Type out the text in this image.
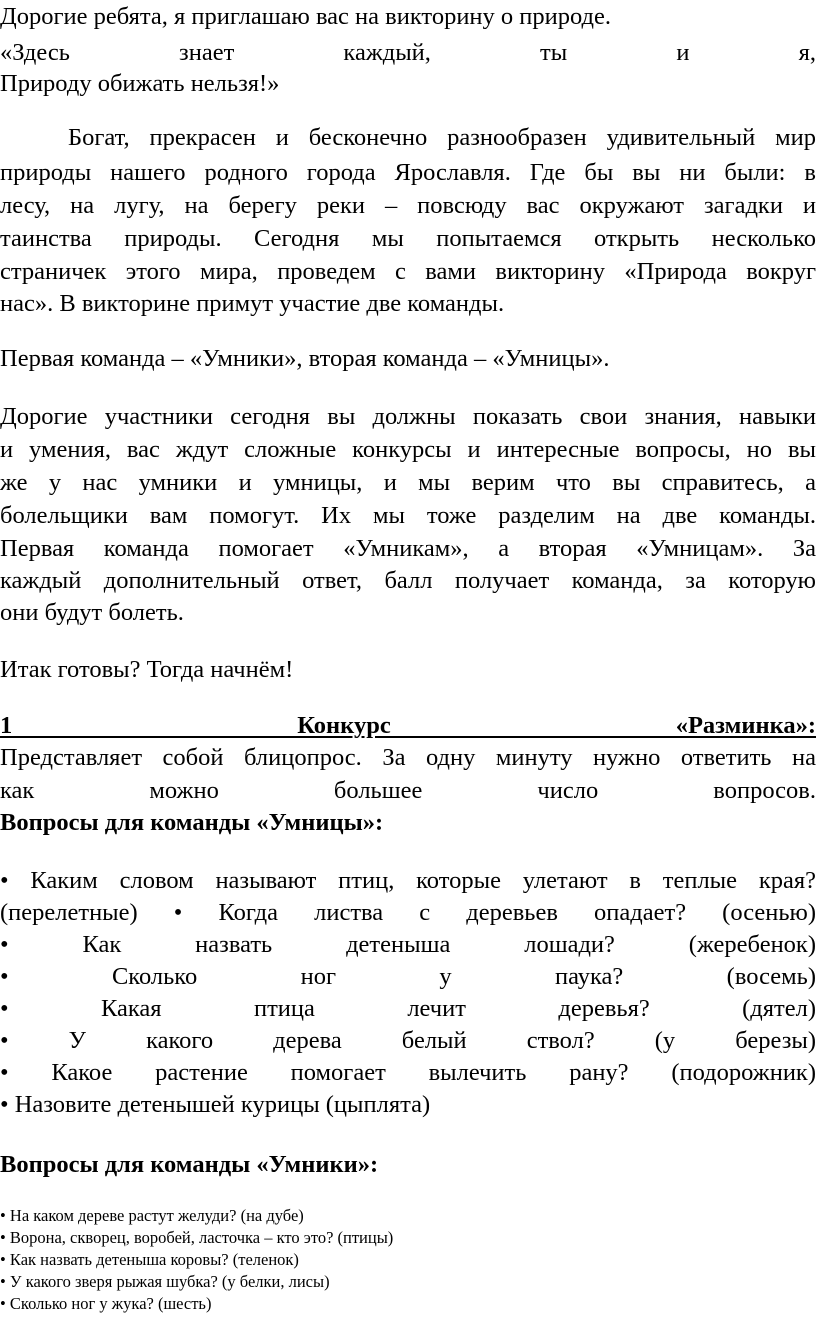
Дорогие ребята, я приглашаю вас на викторину о природе.

«Здесь знает каждый, ты и я,

Природу обижать нельзя!»

Богат, прекрасен и бесконечно разнообразен удивительный мир

природы нашего родного города Ярославля. Где бы вы ни были: в

лесу, на лугу, на берегу реки – повсюду вас окружают загадки и

таинства природы. Сегодня мы попытаемся открыть несколько

страничек этого мира, проведем с вами викторину «Природа вокруг

нас». В викторине примут участие две команды.

Первая команда – «Умники», вторая команда – «Умницы».

Дорогие участники сегодня вы должны показать свои знания, навыки

и умения, вас ждут сложные конкурсы и интересные вопросы, но вы

же у нас умники и умницы, и мы верим что вы справитесь, а

болельщики вам помогут. Их мы тоже разделим на две команды.

Первая команда помогает «Умникам», а вторая «Умницам». За

каждый дополнительный ответ, балл получает команда, за которую

они будут болеть.

Итак готовы? Тогда начнём!

1 Конкурс «Разминка»:

Представляет собой блицопрос. За одну минуту нужно ответить на

как можно большее число вопросов.

Вопросы для команды «Умницы»:

• Каким словом называют птиц, которые улетают в теплые края?

(перелетные) • Когда листва с деревьев опадает? (осенью)

• Как назвать детеныша лошади? (жеребенок)

• Сколько ног у паука? (восемь)

• Какая птица лечит деревья? (дятел)

• У какого дерева белый ствол? (у березы)

• Какое растение помогает вылечить рану? (подорожник)

• Назовите детенышей курицы (цыплята)

Вопросы для команды «Умники»:

• На каком дереве растут желуди? (на дубе)

• Ворона, скворец, воробей, ласточка – кто это? (птицы)

• Как назвать детеныша коровы? (теленок)

• У какого зверя рыжая шубка? (у белки, лисы)

• Сколько ног у жука? (шесть)
